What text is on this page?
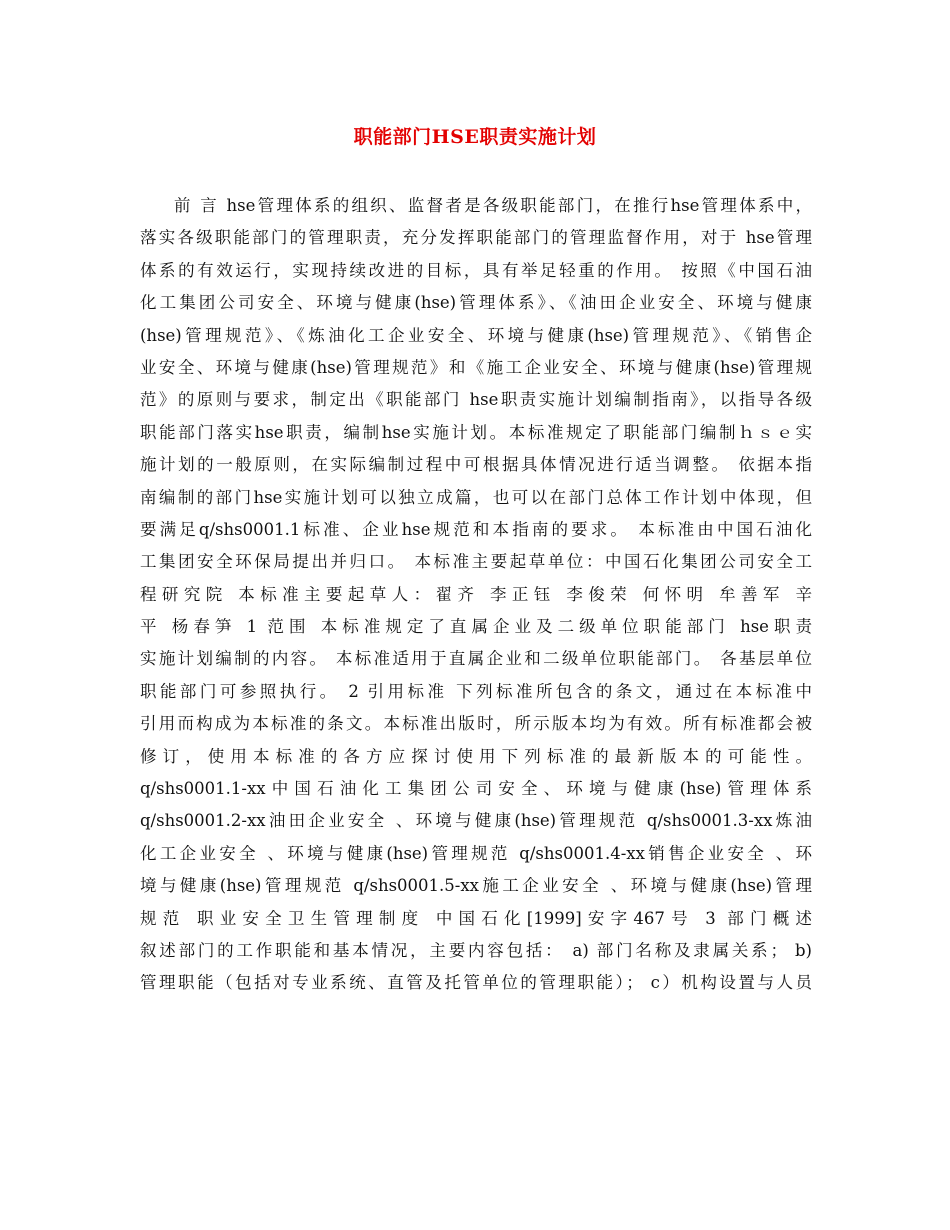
职能部门HSE职责实施计划
前 言 hse管理体系的组织、监督者是各级职能部门，在推行hse管理体系中，
落实各级职能部门的管理职责，充分发挥职能部门的管理监督作用，对于 hse管理
体系的有效运行，实现持续改进的目标，具有举足轻重的作用。 按照《中国石油
化工集团公司安全、环境与健康(hse)管理体系》、《油田企业安全、环境与健康
(hse)管理规范》、《炼油化工企业安全、环境与健康(hse)管理规范》、《销售企
业安全、环境与健康(hse)管理规范》和《施工企业安全、环境与健康(hse)管理规
范》的原则与要求，制定出《职能部门 hse职责实施计划编制指南》，以指导各级
职能部门落实hse职责，编制hse实施计划。本标准规定了职能部门编制ｈｓｅ实
施计划的一般原则，在实际编制过程中可根据具体情况进行适当调整。 依据本指
南编制的部门hse实施计划可以独立成篇，也可以在部门总体工作计划中体现，但
要满足q/shs0001.1标准、企业hse规范和本指南的要求。 本标准由中国石油化
工集团安全环保局提出并归口。 本标准主要起草单位：中国石化集团公司安全工
程研究院 本标准主要起草人：翟齐 李正钰 李俊荣 何怀明 牟善军 辛
平 杨春笋 1 范围 本标准规定了直属企业及二级单位职能部门 hse职责
实施计划编制的内容。 本标准适用于直属企业和二级单位职能部门。 各基层单位
职能部门可参照执行。 2 引用标准 下列标准所包含的条文，通过在本标准中
引用而构成为本标准的条文。本标准出版时，所示版本均为有效。所有标准都会被
修订，使用本标准的各方应探讨使用下列标准的最新版本的可能性。
q/shs0001.1-xx中国石油化工集团公司安全、环境与健康(hse)管理体系
q/shs0001.2-xx油田企业安全 、环境与健康(hse)管理规范 q/shs0001.3-xx炼油
化工企业安全 、环境与健康(hse)管理规范 q/shs0001.4-xx销售企业安全 、环
境与健康(hse)管理规范 q/shs0001.5-xx施工企业安全 、环境与健康(hse)管理
规范 职业安全卫生管理制度 中国石化[1999]安字467号 3 部门概述
叙述部门的工作职能和基本情况，主要内容包括： a) 部门名称及隶属关系； b)
管理职能（包括对专业系统、直管及托管单位的管理职能）； c）机构设置与人员
